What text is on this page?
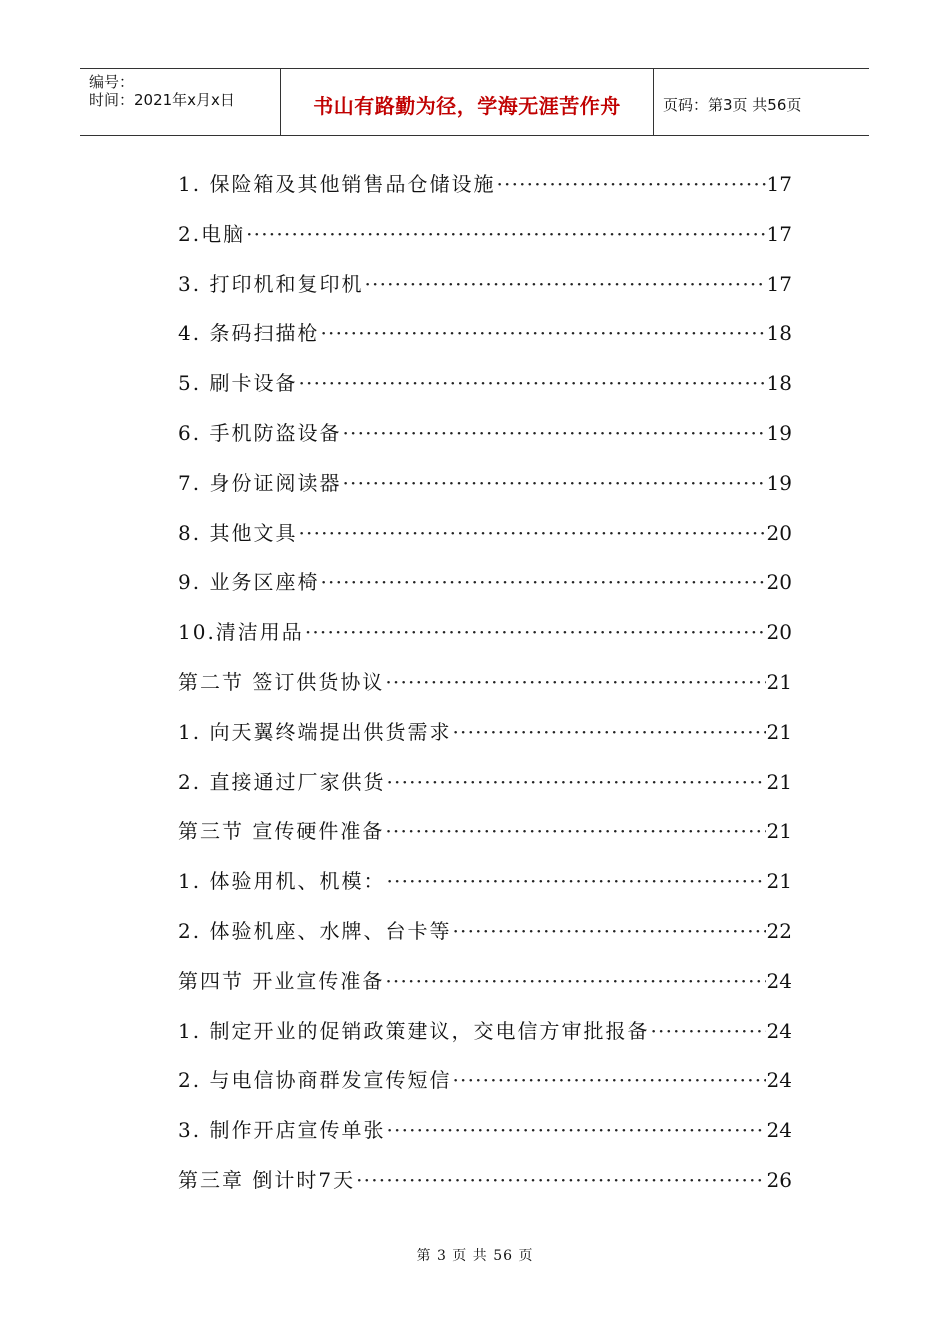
编号：
时间：2021年x月x日	书山有路勤为径，学海无涯苦作舟	页码：第3页 共56页
1. 保险箱及其他销售品仓储设施 ·····	17
2.电脑 ·····	17
3. 打印机和复印机 ·····	17
4. 条码扫描枪 ·····	18
5. 刷卡设备 ·····	18
6. 手机防盗设备 ·····	19
7. 身份证阅读器 ·····	19
8. 其他文具 ·····	20
9. 业务区座椅 ·····	20
10.清洁用品 ·····	20
第二节 签订供货协议 ·····	21
1. 向天翼终端提出供货需求 ·····	21
2. 直接通过厂家供货 ·····	21
第三节 宣传硬件准备 ·····	21
1. 体验用机、机模： ·····	21
2. 体验机座、水牌、台卡等 ·····	22
第四节 开业宣传准备 ·····	24
1. 制定开业的促销政策建议，交电信方审批报备 ·····	24
2. 与电信协商群发宣传短信 ·····	24
3. 制作开店宣传单张 ·····	24
第三章 倒计时7天 ·····	26
第 3 页 共 56 页
